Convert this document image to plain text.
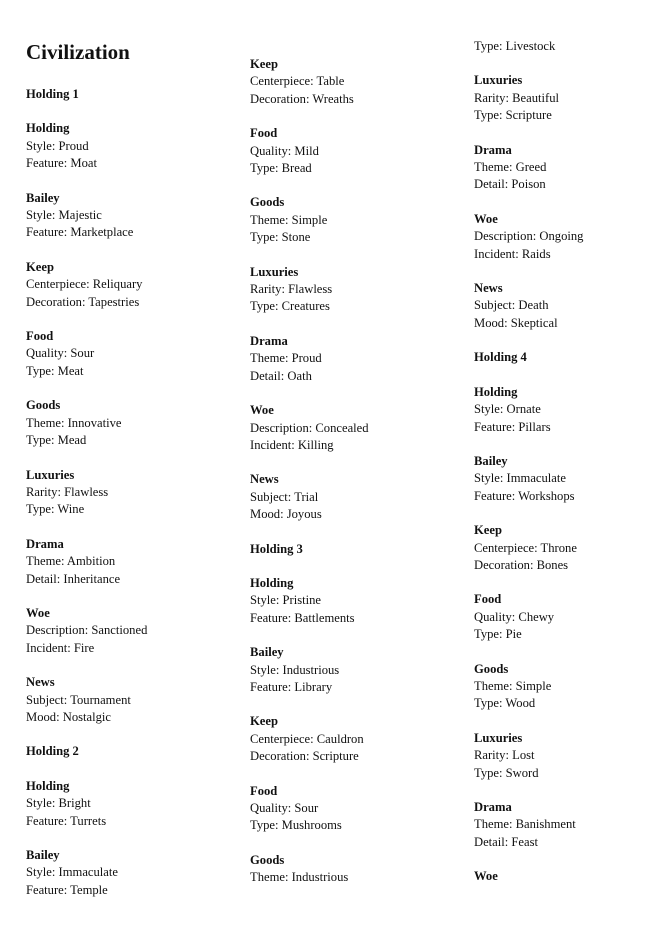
Civilization
Holding 1
Holding
Style: Proud
Feature: Moat
Bailey
Style: Majestic
Feature: Marketplace
Keep
Centerpiece: Reliquary
Decoration: Tapestries
Food
Quality: Sour
Type: Meat
Goods
Theme: Innovative
Type: Mead
Luxuries
Rarity: Flawless
Type: Wine
Drama
Theme: Ambition
Detail: Inheritance
Woe
Description: Sanctioned
Incident: Fire
News
Subject: Tournament
Mood: Nostalgic
Holding 2
Holding
Style: Bright
Feature: Turrets
Bailey
Style: Immaculate
Feature: Temple
Keep
Centerpiece: Table
Decoration: Wreaths
Food
Quality: Mild
Type: Bread
Goods
Theme: Simple
Type: Stone
Luxuries
Rarity: Flawless
Type: Creatures
Drama
Theme: Proud
Detail: Oath
Woe
Description: Concealed
Incident: Killing
News
Subject: Trial
Mood: Joyous
Holding 3
Holding
Style: Pristine
Feature: Battlements
Bailey
Style: Industrious
Feature: Library
Keep
Centerpiece: Cauldron
Decoration: Scripture
Food
Quality: Sour
Type: Mushrooms
Goods
Theme: Industrious
Type: Livestock
Luxuries
Rarity: Beautiful
Type: Scripture
Drama
Theme: Greed
Detail: Poison
Woe
Description: Ongoing
Incident: Raids
News
Subject: Death
Mood: Skeptical
Holding 4
Holding
Style: Ornate
Feature: Pillars
Bailey
Style: Immaculate
Feature: Workshops
Keep
Centerpiece: Throne
Decoration: Bones
Food
Quality: Chewy
Type: Pie
Goods
Theme: Simple
Type: Wood
Luxuries
Rarity: Lost
Type: Sword
Drama
Theme: Banishment
Detail: Feast
Woe
